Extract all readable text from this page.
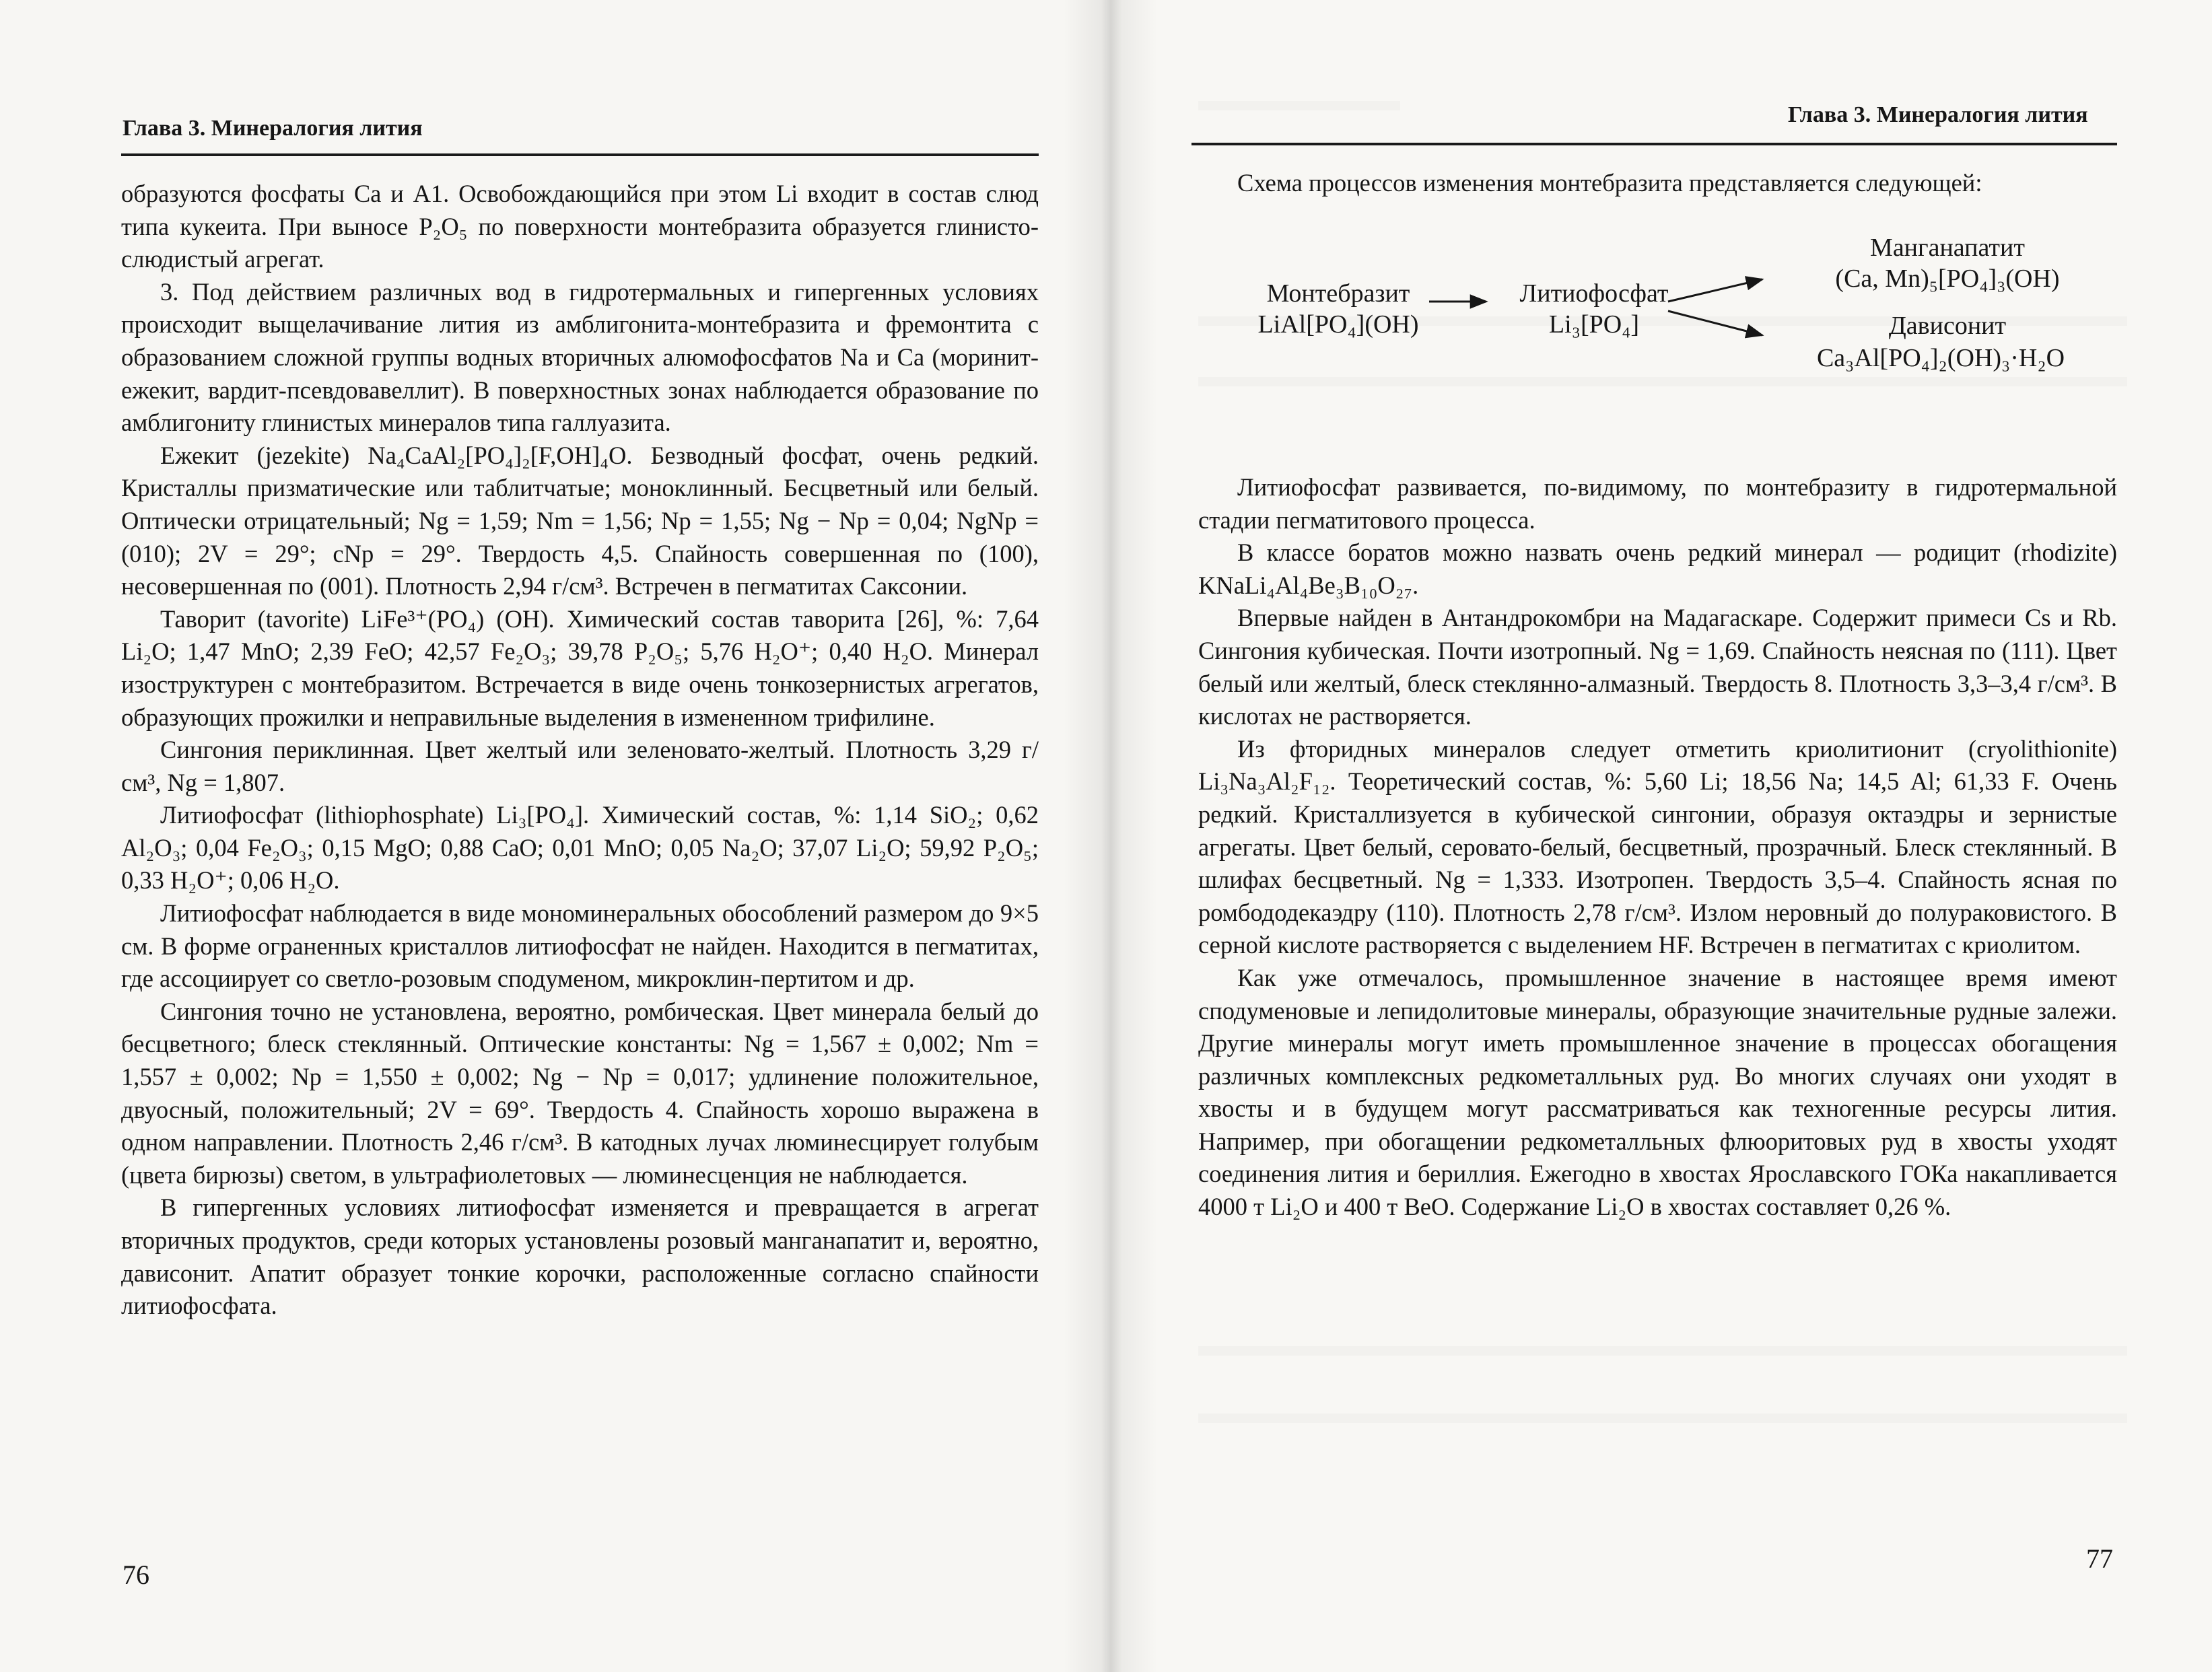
Глава 3. Минералогия лития

образуются фосфаты Са и А1. Освобождающийся при этом Li входит в состав слюд типа кукеита. При выносе P₂O₅ по поверхности монтебразита образуется глинисто-слюдистый агрегат.

3. Под действием различных вод в гидротермальных и гипергенных условиях происходит выщелачивание лития из амблигонита-монтебразита и фремонтита с образованием сложной группы водных вторичных алюмофосфатов Na и Са (моринит-ежекит, вардит-псевдовавеллит). В поверхностных зонах наблюдается образование по амблигониту глинистых минералов типа галлуазита.

Ежекит (jezekite) Na₄CaAl₂[PO₄]₂[F,OH]₄O. Безводный фосфат, очень редкий. Кристаллы призматические или таблитчатые; моноклинный. Бесцветный или белый. Оптически отрицательный; Ng = 1,59; Nm = 1,56; Np = 1,55; Ng − Np = 0,04; NgNp = (010); 2V = 29°; cNp = 29°. Твердость 4,5. Спайность совершенная по (100), несовершенная по (001). Плотность 2,94 г/см³. Встречен в пегматитах Саксонии.

Таворит (tavorite) LiFe³⁺(PO₄) (OH). Химический состав таворита [26], %: 7,64 Li₂O; 1,47 MnO; 2,39 FeO; 42,57 Fe₂O₃; 39,78 P₂O₅; 5,76 H₂O⁺; 0,40 H₂O. Минерал изоструктурен с монтебразитом. Встречается в виде очень тонкозернистых агрегатов, образующих прожилки и неправильные выделения в измененном трифилине.

Сингония периклинная. Цвет желтый или зеленовато-желтый. Плотность 3,29 г/см³, Ng = 1,807.

Литиофосфат (lithiophosphate) Li₃[PO₄]. Химический состав, %: 1,14 SiO₂; 0,62 Al₂O₃; 0,04 Fe₂O₃; 0,15 MgO; 0,88 CaO; 0,01 MnO; 0,05 Na₂O; 37,07 Li₂O; 59,92 P₂O₅; 0,33 H₂O⁺; 0,06 H₂O.

Литиофосфат наблюдается в виде мономинеральных обособлений размером до 9×5 см. В форме ограненных кристаллов литиофосфат не найден. Находится в пегматитах, где ассоциирует со светло-розовым сподуменом, микроклин-пертитом и др.

Сингония точно не установлена, вероятно, ромбическая. Цвет минерала белый до бесцветного; блеск стеклянный. Оптические константы: Ng = 1,567 ± 0,002; Nm = 1,557 ± 0,002; Np = 1,550 ± 0,002; Ng − Np = 0,017; удлинение положительное, двуосный, положительный; 2V = 69°. Твердость 4. Спайность хорошо выражена в одном направлении. Плотность 2,46 г/см³. В катодных лучах люминесцирует голубым (цвета бирюзы) светом, в ультрафиолетовых — люминесценция не наблюдается.

В гипергенных условиях литиофосфат изменяется и превращается в агрегат вторичных продуктов, среди которых установлены розовый манганапатит и, вероятно, дависонит. Апатит образует тонкие корочки, расположенные согласно спайности литиофосфата.

76
Глава 3. Минералогия лития
Схема процессов изменения монтебразита представляется следующей:
Монтебразит
LiAl[PO₄](OH)
Литиофосфат
Li₃[PO₄]
Манганапатит
(Ca, Mn)₅[PO₄]₃(OH)
Дависонит
Ca₃Al[PO₄]₂(OH)₃·H₂O

Литиофосфат развивается, по-видимому, по монтебразиту в гидротермальной стадии пегматитового процесса.

В классе боратов можно назвать очень редкий минерал — родицит (rhodizite) KNaLi₄Al₄Be₃B₁₀O₂₇.

Впервые найден в Антандрокомбри на Мадагаскаре. Содержит примеси Cs и Rb. Сингония кубическая. Почти изотропный. Ng = 1,69. Спайность неясная по (111). Цвет белый или желтый, блеск стеклянно-алмазный. Твердость 8. Плотность 3,3–3,4 г/см³. В кислотах не растворяется.

Из фторидных минералов следует отметить криолитионит (cryolithionite) Li₃Na₃Al₂F₁₂. Теоретический состав, %: 5,60 Li; 18,56 Na; 14,5 Al; 61,33 F. Очень редкий. Кристаллизуется в кубической сингонии, образуя октаэдры и зернистые агрегаты. Цвет белый, серовато-белый, бесцветный, прозрачный. Блеск стеклянный. В шлифах бесцветный. Ng = 1,333. Изотропен. Твердость 3,5–4. Спайность ясная по ромбододекаэдру (110). Плотность 2,78 г/см³. Излом неровный до полураковистого. В серной кислоте растворяется с выделением HF. Встречен в пегматитах с криолитом.

Как уже отмечалось, промышленное значение в настоящее время имеют сподуменовые и лепидолитовые минералы, образующие значительные рудные залежи. Другие минералы могут иметь промышленное значение в процессах обогащения различных комплексных редкометалльных руд. Во многих случаях они уходят в хвосты и в будущем могут рассматриваться как техногенные ресурсы лития. Например, при обогащении редкометалльных флюоритовых руд в хвосты уходят соединения лития и бериллия. Ежегодно в хвостах Ярославского ГОКа накапливается 4000 т Li₂O и 400 т BeO. Содержание Li₂O в хвостах составляет 0,26 %.

77
